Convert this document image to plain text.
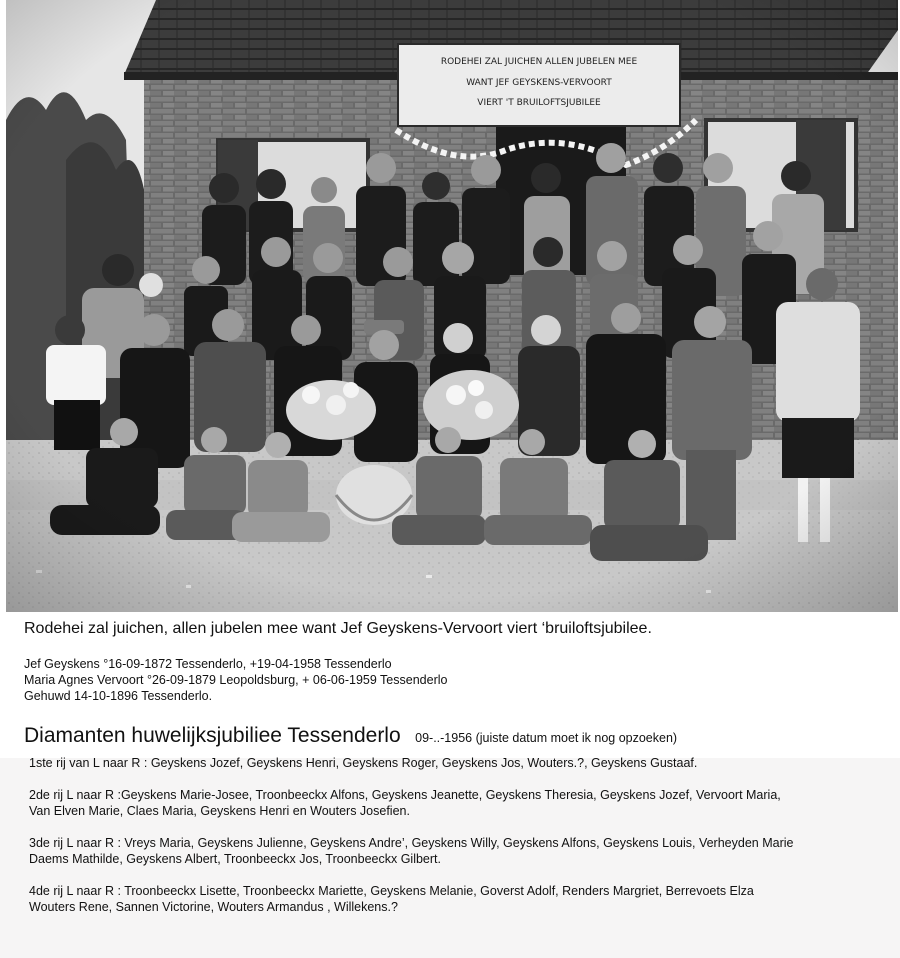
Rodehei zal juichen, allen jubelen mee want Jef Geyskens-Vervoort viert ‘bruiloftsjubilee.
Jef Geyskens °16-09-1872 Tessenderlo, +19-04-1958 Tessenderlo
Maria Agnes Vervoort °26-09-1879 Leopoldsburg, + 06-06-1959 Tessenderlo
Gehuwd 14-10-1896 Tessenderlo.
Diamanten huwelijksjubiliee Tessenderlo 09-..-1956 (juiste datum moet ik nog opzoeken)

1ste rij van L naar R : Geyskens Jozef, Geyskens Henri, Geyskens Roger, Geyskens Jos, Wouters.?, Geyskens Gustaaf.

2de rij L naar R :Geyskens Marie-Josee, Troonbeeckx Alfons, Geyskens Jeanette, Geyskens Theresia, Geyskens Jozef, Vervoort Maria,
Van Elven Marie, Claes Maria, Geyskens Henri en Wouters Josefien.

3de rij L naar R : Vreys Maria, Geyskens Julienne, Geyskens Andre’, Geyskens Willy, Geyskens Alfons, Geyskens Louis, Verheyden Marie
Daems Mathilde, Geyskens Albert, Troonbeeckx Jos, Troonbeeckx Gilbert.

4de rij L naar R : Troonbeeckx Lisette, Troonbeeckx Mariette, Geyskens Melanie, Goverst Adolf, Renders Margriet, Berrevoets Elza
Wouters Rene, Sannen Victorine, Wouters Armandus , Willekens.?
